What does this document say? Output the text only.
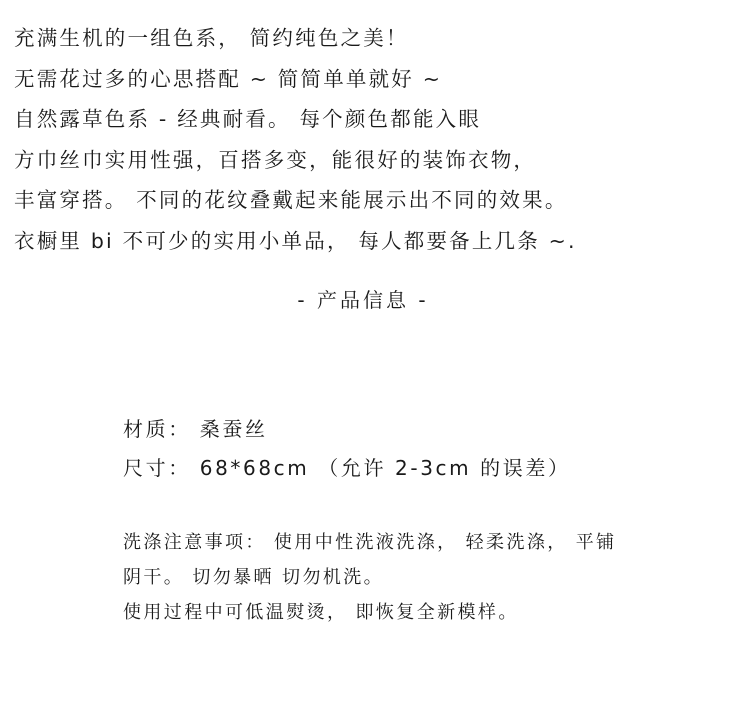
充满生机的一组色系， 简约纯色之美！
无需花过多的心思搭配 ~ 简简单单就好 ~
自然露草色系 - 经典耐看。 每个颜色都能入眼
方巾丝巾实用性强，百搭多变，能很好的装饰衣物，
丰富穿搭。 不同的花纹叠戴起来能展示出不同的效果。
衣橱里 bi 不可少的实用小单品， 每人都要备上几条 ~.
- 产品信息 -
材质： 桑蚕丝
尺寸： 68*68cm （允许 2-3cm 的误差）
洗涤注意事项： 使用中性洗液洗涤， 轻柔洗涤， 平铺
阴干。 切勿暴晒 切勿机洗。
使用过程中可低温熨烫， 即恢复全新模样。
